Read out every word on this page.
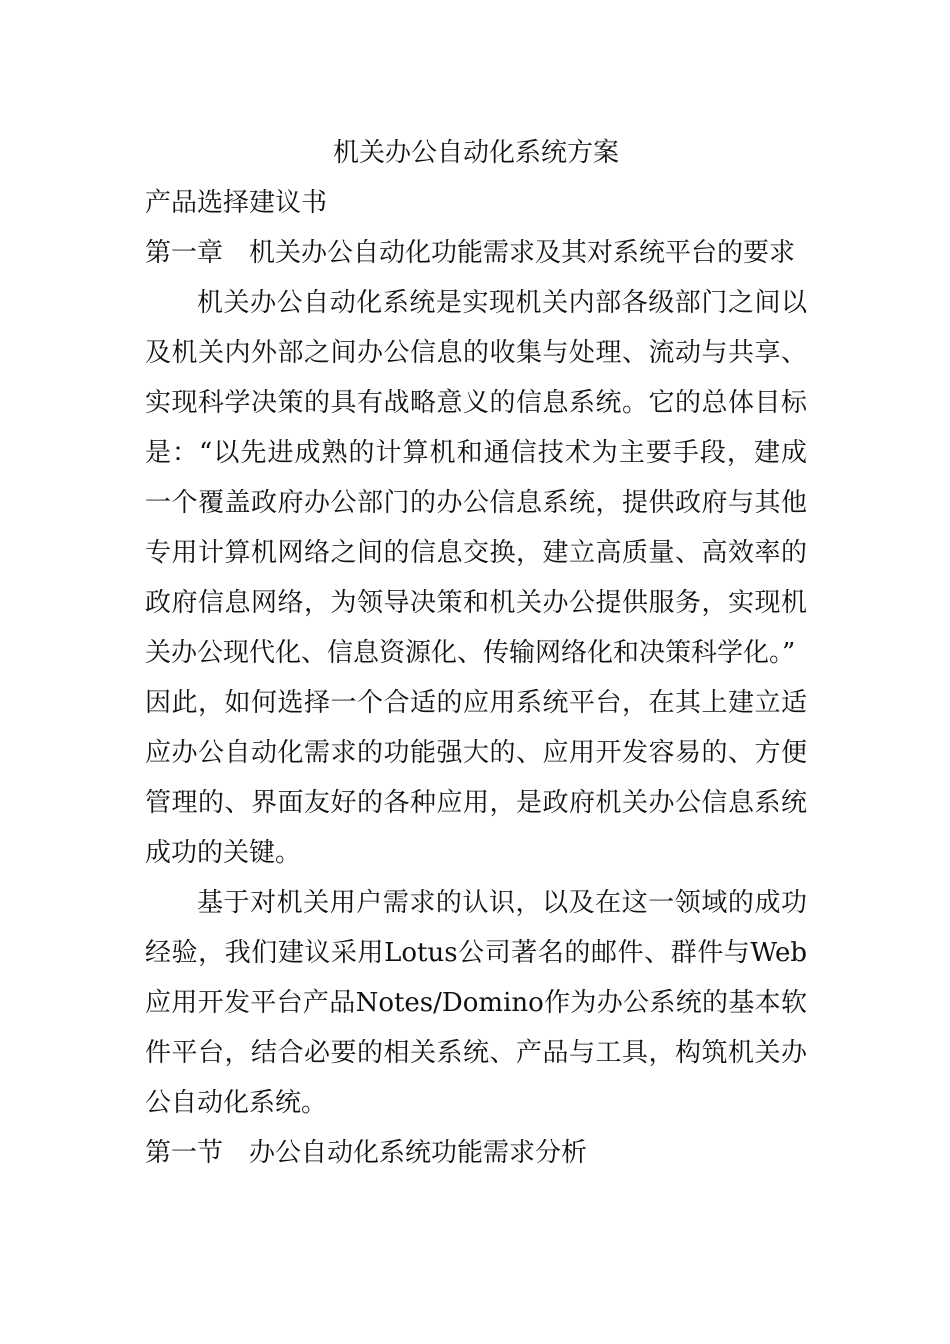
机关办公自动化系统方案
产品选择建议书
第一章　机关办公自动化功能需求及其对系统平台的要求

机关办公自动化系统是实现机关内部各级部门之间以及机关内外部之间办公信息的收集与处理、流动与共享、实现科学决策的具有战略意义的信息系统。它的总体目标是：“以先进成熟的计算机和通信技术为主要手段，建成一个覆盖政府办公部门的办公信息系统，提供政府与其他专用计算机网络之间的信息交换，建立高质量、高效率的政府信息网络，为领导决策和机关办公提供服务，实现机关办公现代化、信息资源化、传输网络化和决策科学化。”

因此，如何选择一个合适的应用系统平台，在其上建立适应办公自动化需求的功能强大的、应用开发容易的、方便管理的、界面友好的各种应用，是政府机关办公信息系统成功的关键。

基于对机关用户需求的认识，以及在这一领域的成功经验，我们建议采用Lotus公司著名的邮件、群件与Web应用开发平台产品Notes/Domino作为办公系统的基本软件平台，结合必要的相关系统、产品与工具，构筑机关办公自动化系统。

第一节　办公自动化系统功能需求分析
